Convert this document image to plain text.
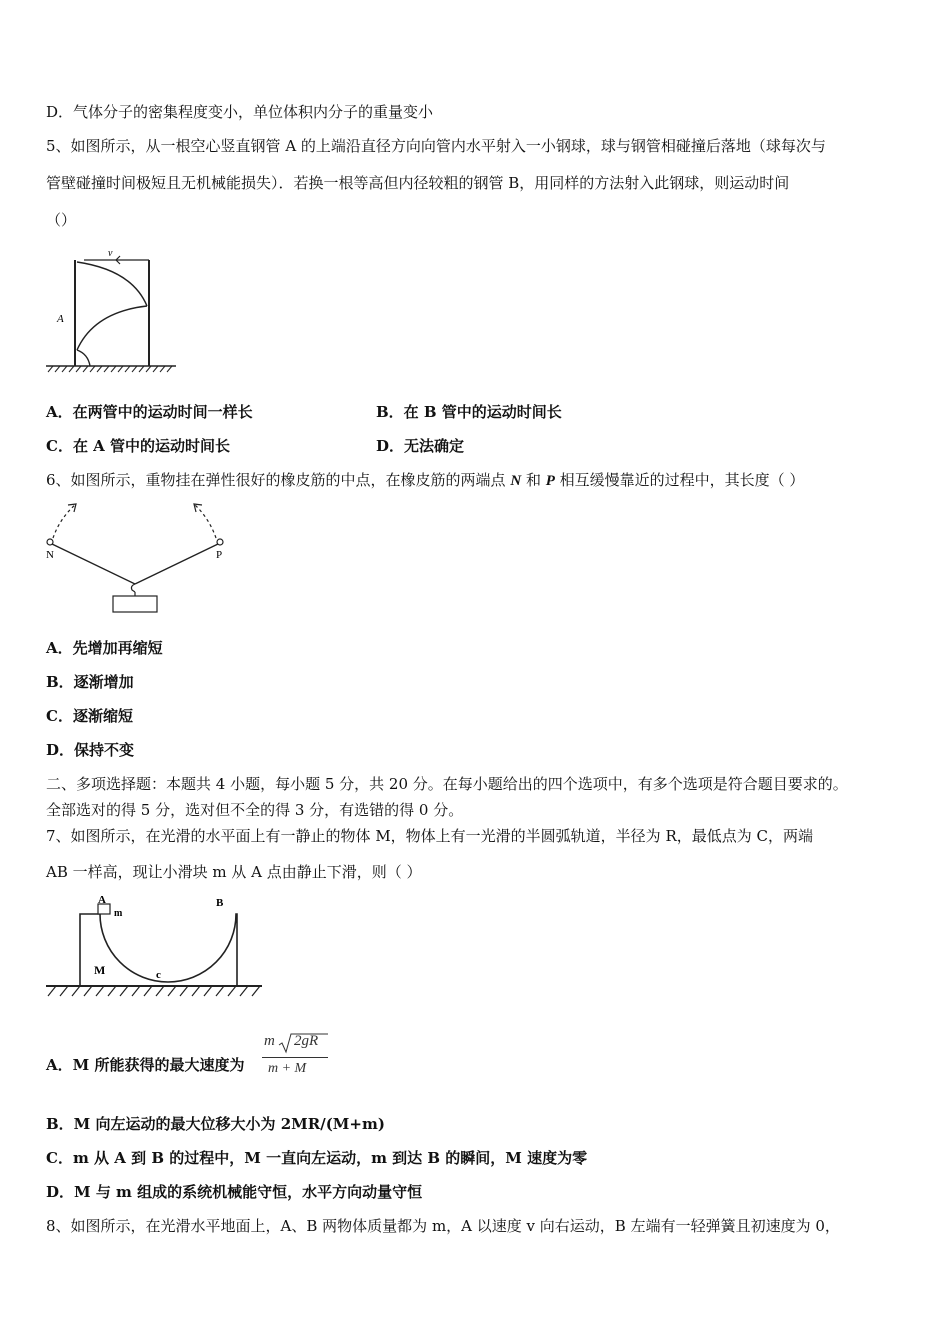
D．气体分子的密集程度变小，单位体积内分子的重量变小
5、如图所示，从一根空心竖直钢管 A 的上端沿直径方向向管内水平射入一小钢球，球与钢管相碰撞后落地（球每次与
管壁碰撞时间极短且无机械能损失）．若换一根等高但内径较粗的钢管 B，用同样的方法射入此钢球，则运动时间
（）
v
A
A．在两管中的运动时间一样长	B．在 B 管中的运动时间长
C．在 A 管中的运动时间长	D．无法确定
6、如图所示，重物挂在弹性很好的橡皮筋的中点，在橡皮筋的两端点 N 和 P 相互缓慢靠近的过程中，其长度（ ）
N	P
A．先增加再缩短
B．逐渐增加
C．逐渐缩短
D．保持不变
二、多项选择题：本题共 4 小题，每小题 5 分，共 20 分。在每小题给出的四个选项中，有多个选项是符合题目要求的。
全部选对的得 5 分，选对但不全的得 3 分，有选错的得 0 分。
7、如图所示，在光滑的水平面上有一静止的物体 M，物体上有一光滑的半圆弧轨道，半径为 R，最低点为 C，两端
AB 一样高，现让小滑块 m 从 A 点由静止下滑，则（ ）
A
m
B
M	c
A．M 所能获得的最大速度为
m 2gR
m + M
B．M 向左运动的最大位移大小为 2MR/(M+m)
C．m 从 A 到 B 的过程中，M 一直向左运动，m 到达 B 的瞬间，M 速度为零
D．M 与 m 组成的系统机械能守恒，水平方向动量守恒
8、如图所示，在光滑水平地面上，A、B 两物体质量都为 m，A 以速度 v 向右运动，B 左端有一轻弹簧且初速度为 0，
